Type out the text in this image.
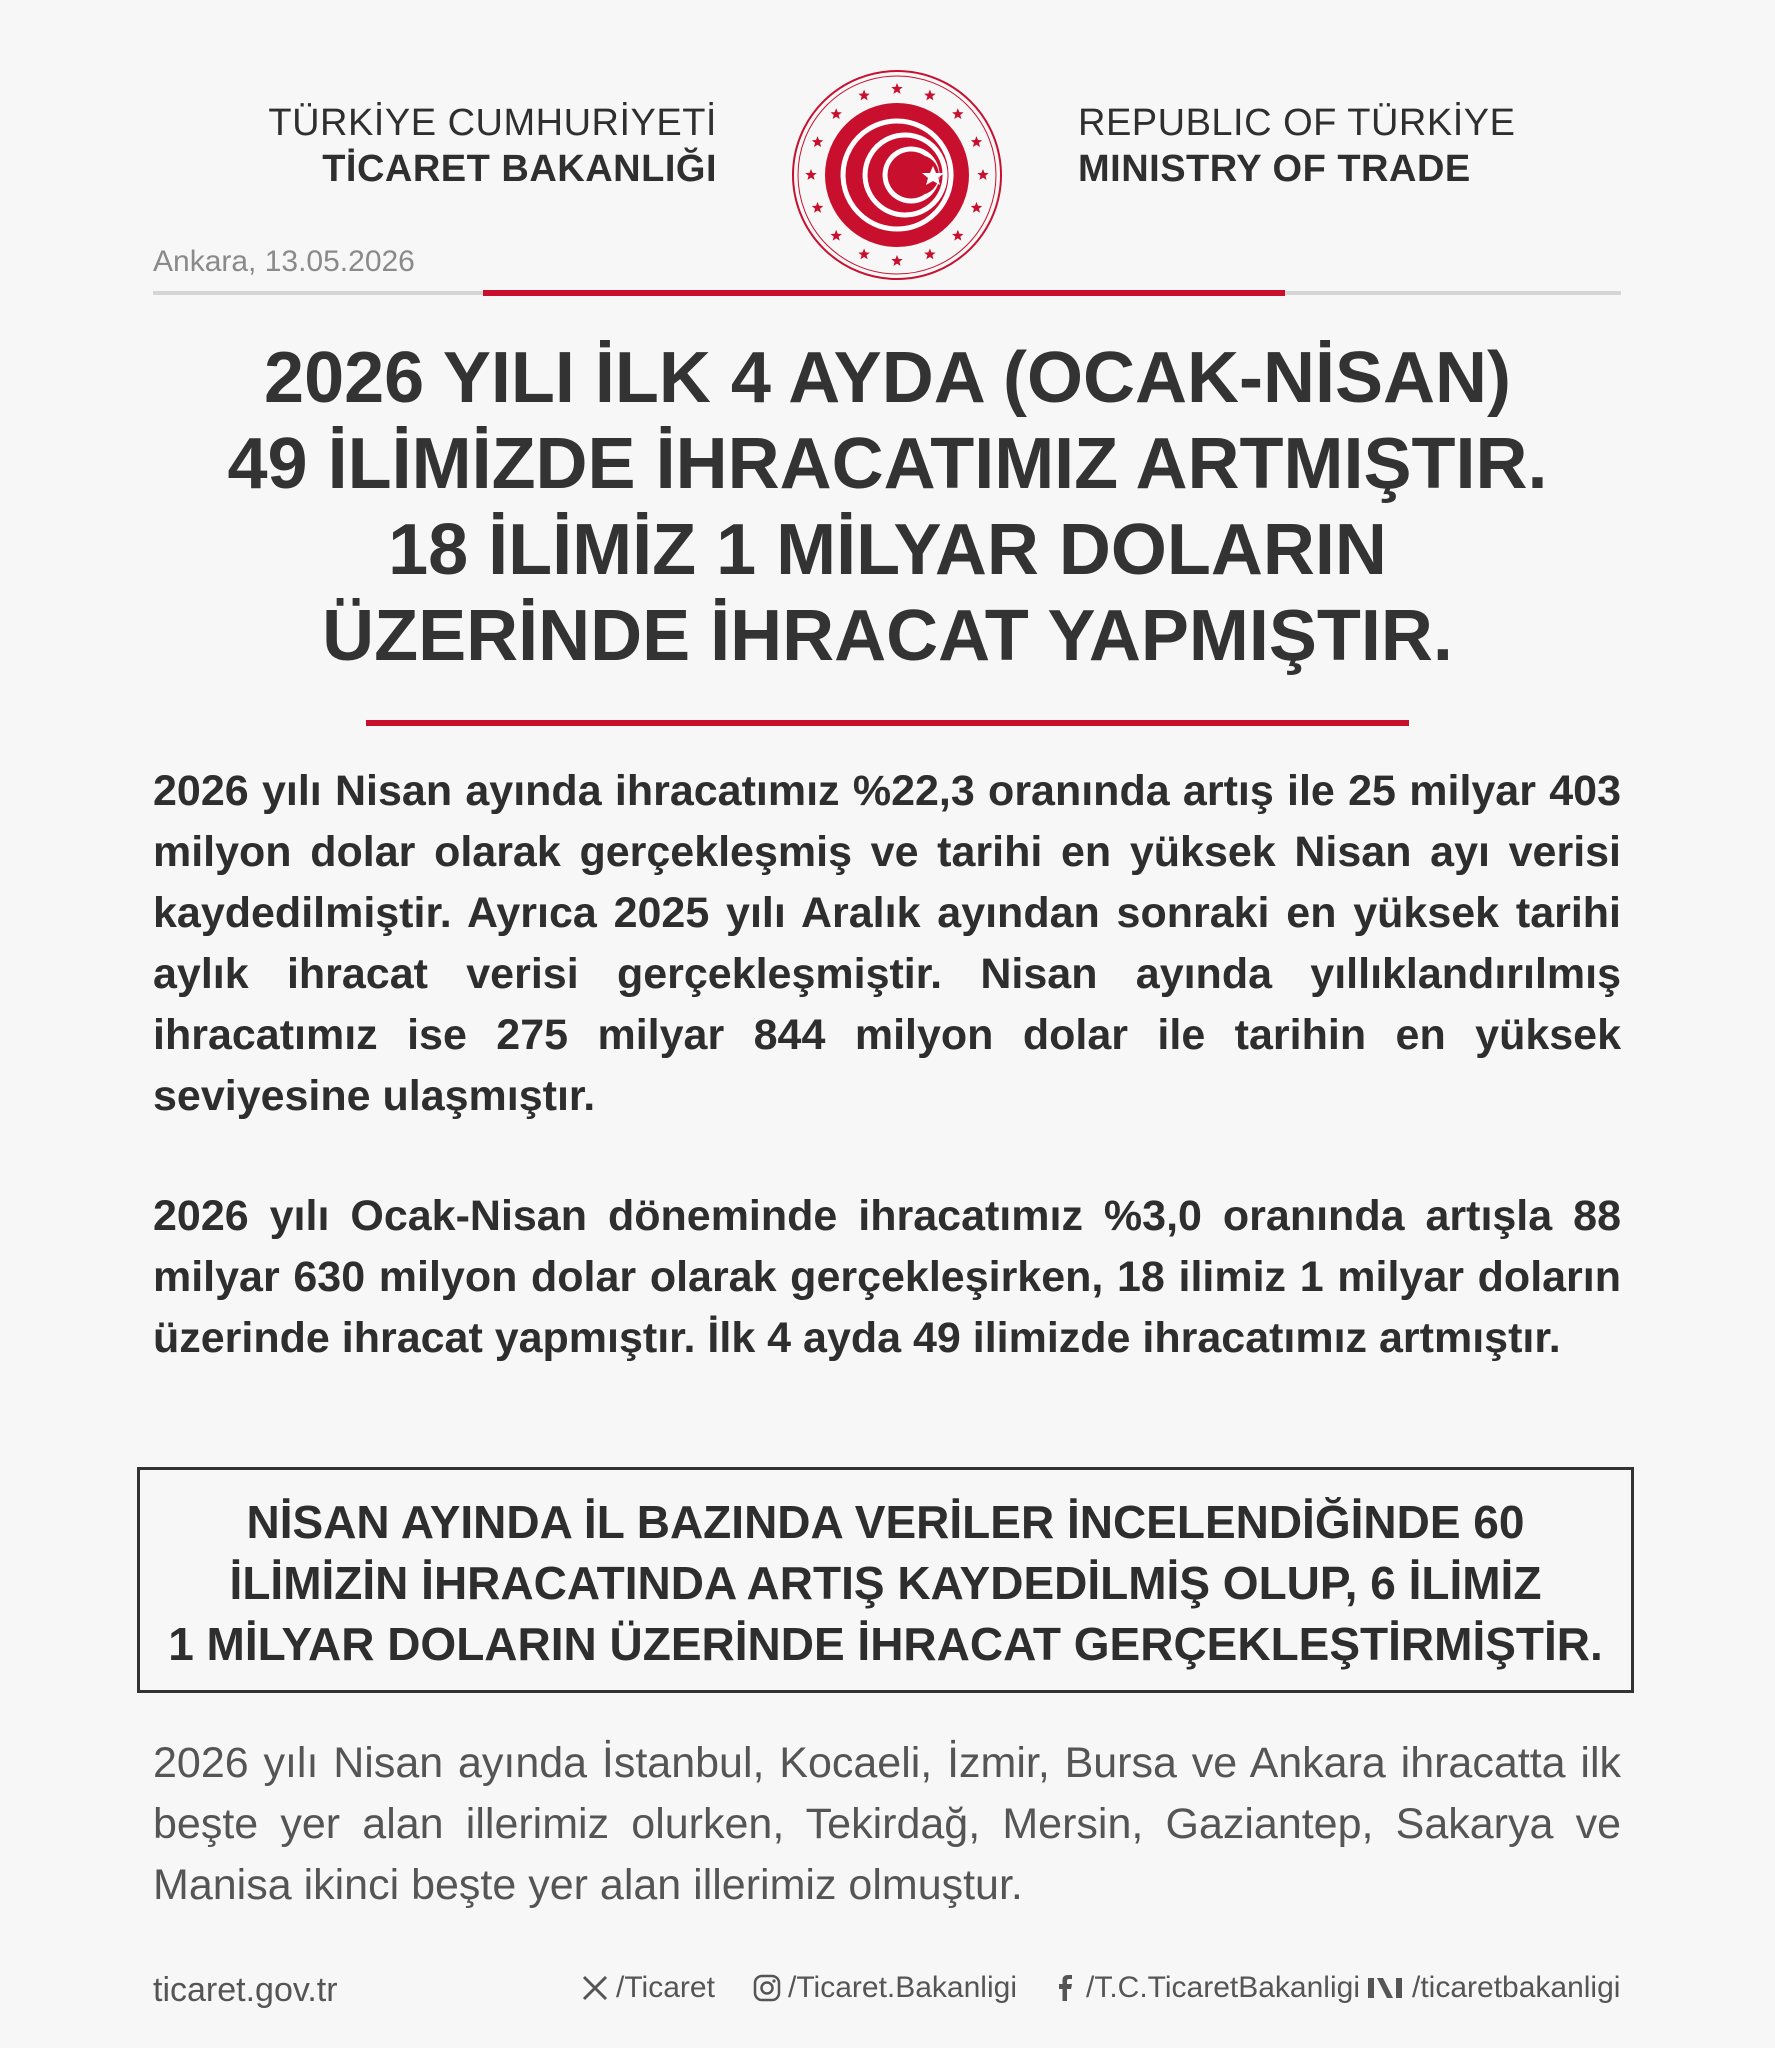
TÜRKİYE CUMHURİYETİ
TİCARET BAKANLIĞI
REPUBLIC OF TÜRKİYE
MINISTRY OF TRADE
Ankara, 13.05.2026
2026 YILI İLK 4 AYDA (OCAK-NİSAN)
49 İLİMİZDE İHRACATIMIZ ARTMIŞTIR.
18 İLİMİZ 1 MİLYAR DOLARIN
ÜZERİNDE İHRACAT YAPMIŞTIR.
2026 yılı Nisan ayında ihracatımız %22,3 oranında artış ile 25 milyar 403 milyon dolar olarak gerçekleşmiş ve tarihi en yüksek Nisan ayı verisi kaydedilmiştir. Ayrıca 2025 yılı Aralık ayından sonraki en yüksek tarihi aylık ihracat verisi gerçekleşmiştir. Nisan ayında yıllıklandırılmış ihracatımız ise 275 milyar 844 milyon dolar ile tarihin en yüksek seviyesine ulaşmıştır.
2026 yılı Ocak-Nisan döneminde ihracatımız %3,0 oranında artışla 88 milyar 630 milyon dolar olarak gerçekleşirken, 18 ilimiz 1 milyar doların üzerinde ihracat yapmıştır. İlk 4 ayda 49 ilimizde ihracatımız artmıştır.
NİSAN AYINDA İL BAZINDA VERİLER İNCELENDİĞİNDE 60
İLİMİZİN İHRACATINDA ARTIŞ KAYDEDİLMİŞ OLUP, 6 İLİMİZ
1 MİLYAR DOLARIN ÜZERİNDE İHRACAT GERÇEKLEŞTİRMİŞTİR.
2026 yılı Nisan ayında İstanbul, Kocaeli, İzmir, Bursa ve Ankara ihracatta ilk beşte yer alan illerimiz olurken, Tekirdağ, Mersin, Gaziantep, Sakarya ve Manisa ikinci beşte yer alan illerimiz olmuştur.
ticaret.gov.tr	/Ticaret /Ticaret.Bakanligi /T.C.TicaretBakanligi /ticaretbakanligi
